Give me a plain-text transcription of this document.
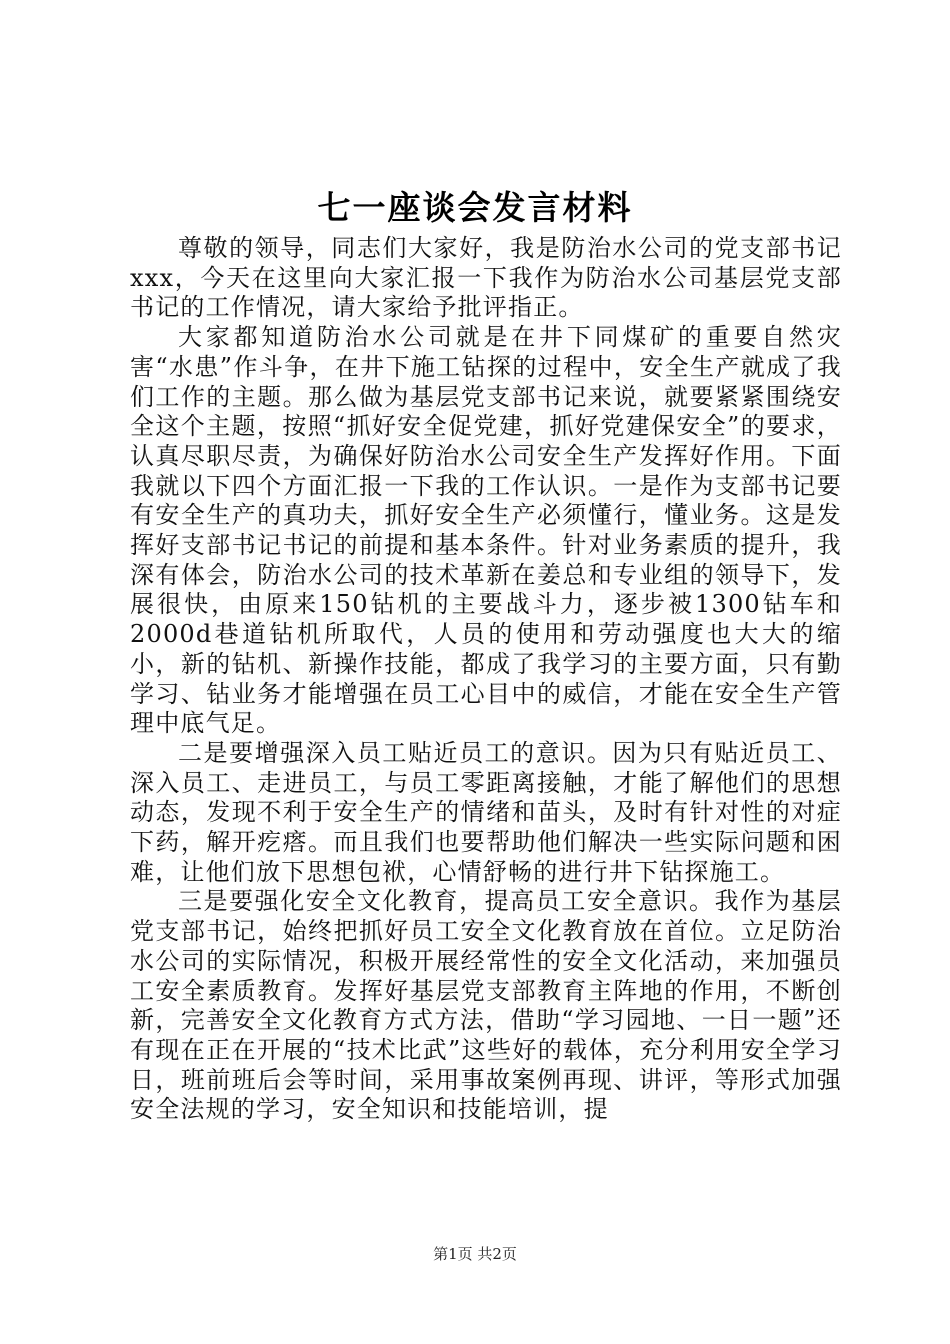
七一座谈会发言材料

尊敬的领导，同志们大家好，我是防治水公司的党支部书记xxx，今天在这里向大家汇报一下我作为防治水公司基层党支部书记的工作情况，请大家给予批评指正。

大家都知道防治水公司就是在井下同煤矿的重要自然灾害“水患”作斗争，在井下施工钻探的过程中，安全生产就成了我们工作的主题。那么做为基层党支部书记来说，就要紧紧围绕安全这个主题，按照“抓好安全促党建，抓好党建保安全”的要求，认真尽职尽责，为确保好防治水公司安全生产发挥好作用。下面我就以下四个方面汇报一下我的工作认识。一是作为支部书记要有安全生产的真功夫，抓好安全生产必须懂行，懂业务。这是发挥好支部书记书记的前提和基本条件。针对业务素质的提升，我深有体会，防治水公司的技术革新在姜总和专业组的领导下，发展很快，由原来150钻机的主要战斗力，逐步被1300钻车和2000d巷道钻机所取代，人员的使用和劳动强度也大大的缩小，新的钻机、新操作技能，都成了我学习的主要方面，只有勤学习、钻业务才能增强在员工心目中的威信，才能在安全生产管理中底气足。

二是要增强深入员工贴近员工的意识。因为只有贴近员工、深入员工、走进员工，与员工零距离接触，才能了解他们的思想动态，发现不利于安全生产的情绪和苗头，及时有针对性的对症下药，解开疙瘩。而且我们也要帮助他们解决一些实际问题和困难，让他们放下思想包袱，心情舒畅的进行井下钻探施工。

三是要强化安全文化教育，提高员工安全意识。我作为基层党支部书记，始终把抓好员工安全文化教育放在首位。立足防治水公司的实际情况，积极开展经常性的安全文化活动，来加强员工安全素质教育。发挥好基层党支部教育主阵地的作用，不断创新，完善安全文化教育方式方法，借助“学习园地、一日一题”还有现在正在开展的“技术比武”这些好的载体，充分利用安全学习日，班前班后会等时间，采用事故案例再现、讲评，等形式加强安全法规的学习，安全知识和技能培训，提

第1页 共2页
